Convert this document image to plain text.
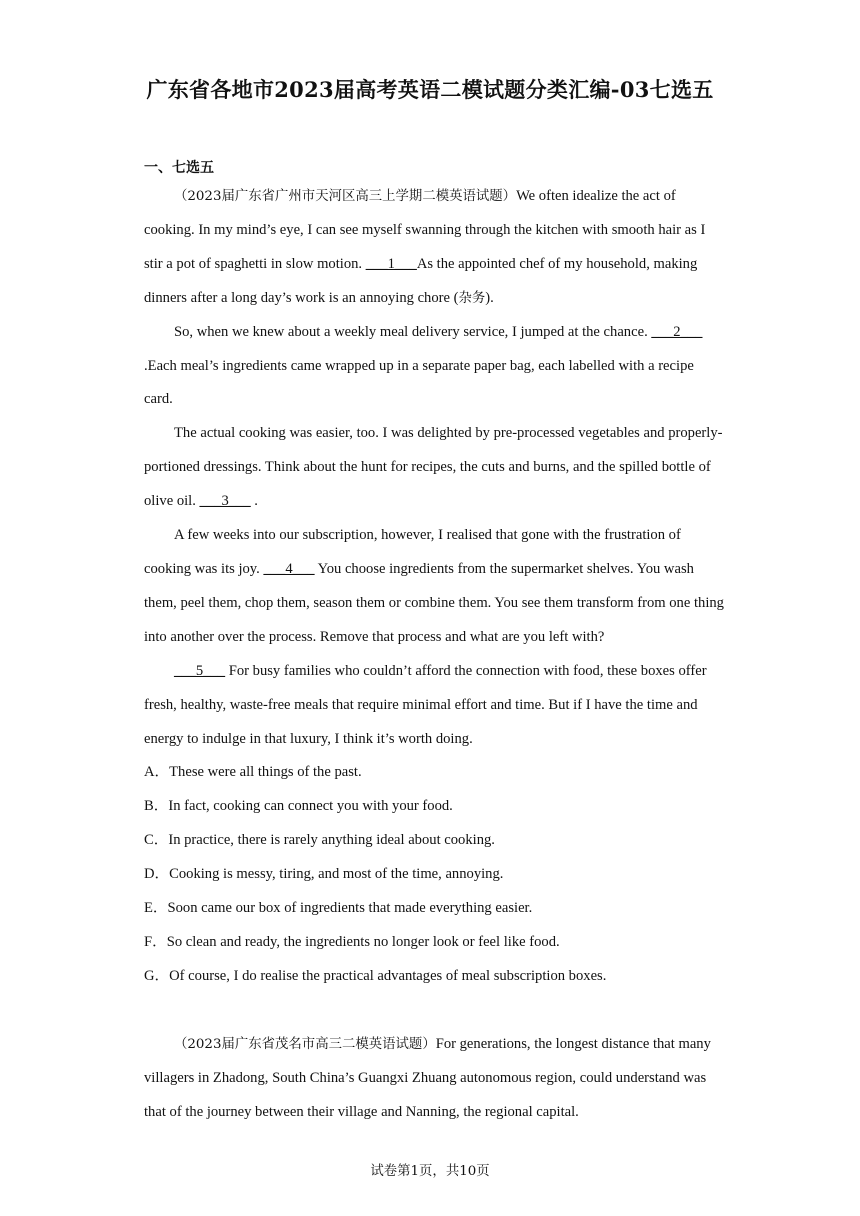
广东省各地市2023届高考英语二模试题分类汇编-03七选五
一、七选五

（2023届广东省广州市天河区高三上学期二模英语试题）We often idealize the act of cooking. In my mind’s eye, I can see myself swanning through the kitchen with smooth hair as I stir a pot of spaghetti in slow motion. ___1___As the appointed chef of my household, making dinners after a long day’s work is an annoying chore (杂务).

So, when we knew about a weekly meal delivery service, I jumped at the chance. ___2___ .Each meal’s ingredients came wrapped up in a separate paper bag, each labelled with a recipe card.

The actual cooking was easier, too. I was delighted by pre-processed vegetables and properly-portioned dressings. Think about the hunt for recipes, the cuts and burns, and the spilled bottle of olive oil. ___3___ .

A few weeks into our subscription, however, I realised that gone with the frustration of cooking was its joy. ___4___ You choose ingredients from the supermarket shelves. You wash them, peel them, chop them, season them or combine them. You see them transform from one thing into another over the process. Remove that process and what are you left with?

___5___ For busy families who couldn’t afford the connection with food, these boxes offer fresh, healthy, waste-free meals that require minimal effort and time. But if I have the time and energy to indulge in that luxury, I think it’s worth doing.

A．These were all things of the past.

B．In fact, cooking can connect you with your food.

C．In practice, there is rarely anything ideal about cooking.

D．Cooking is messy, tiring, and most of the time, annoying.

E．Soon came our box of ingredients that made everything easier.

F．So clean and ready, the ingredients no longer look or feel like food.

G．Of course, I do realise the practical advantages of meal subscription boxes.

（2023届广东省茂名市高三二模英语试题）For generations, the longest distance that many villagers in Zhadong, South China’s Guangxi Zhuang autonomous region, could understand was that of the journey between their village and Nanning, the regional capital.

试卷第1页，共10页
